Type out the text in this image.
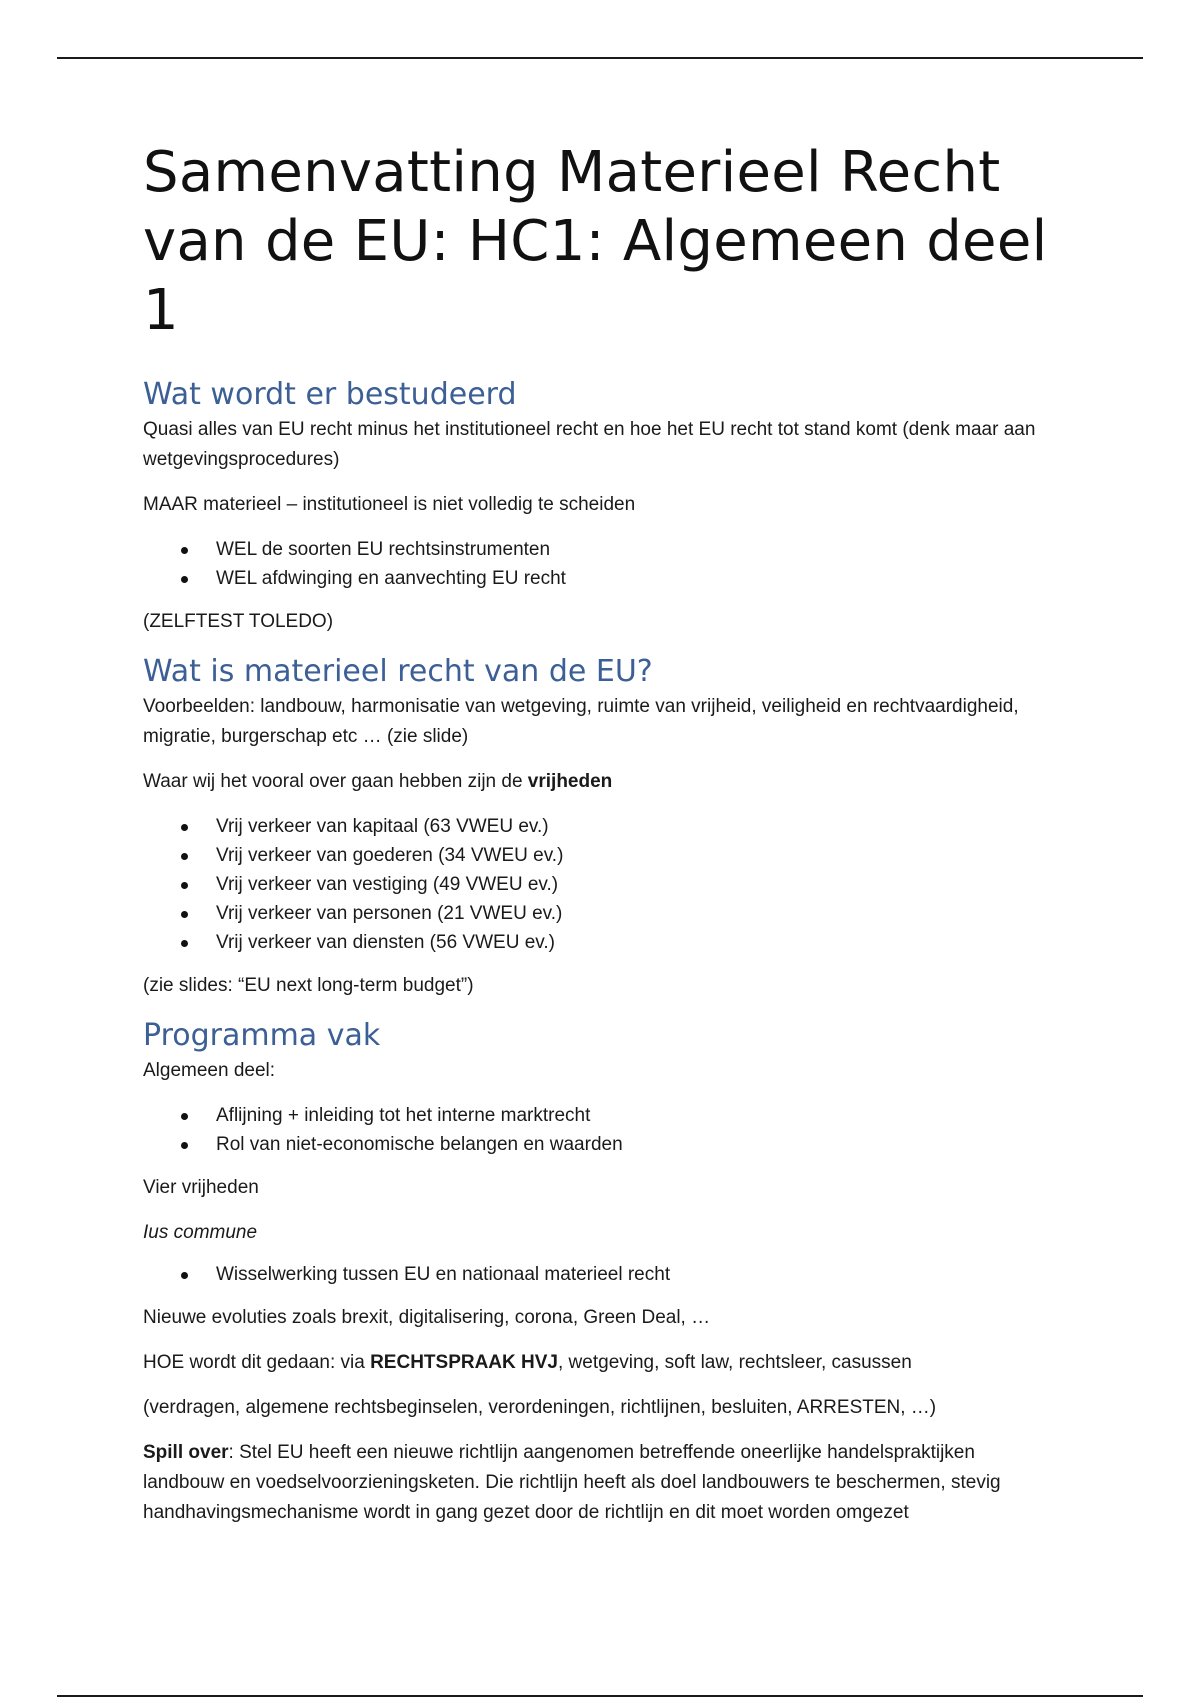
Samenvatting Materieel Recht van de EU: HC1: Algemeen deel 1
Wat wordt er bestudeerd

Quasi alles van EU recht minus het institutioneel recht en hoe het EU recht tot stand komt (denk maar aan wetgevingsprocedures)

MAAR materieel – institutioneel is niet volledig te scheiden

WEL de soorten EU rechtsinstrumenten
WEL afdwinging en aanvechting EU recht

(ZELFTEST TOLEDO)

Wat is materieel recht van de EU?

Voorbeelden: landbouw, harmonisatie van wetgeving, ruimte van vrijheid, veiligheid en rechtvaardigheid, migratie, burgerschap etc … (zie slide)

Waar wij het vooral over gaan hebben zijn de vrijheden

Vrij verkeer van kapitaal (63 VWEU ev.)
Vrij verkeer van goederen (34 VWEU ev.)
Vrij verkeer van vestiging (49 VWEU ev.)
Vrij verkeer van personen (21 VWEU ev.)
Vrij verkeer van diensten (56 VWEU ev.)

(zie slides: “EU next long-term budget”)

Programma vak

Algemeen deel:

Aflijning + inleiding tot het interne marktrecht
Rol van niet-economische belangen en waarden

Vier vrijheden

Ius commune

Wisselwerking tussen EU en nationaal materieel recht

Nieuwe evoluties zoals brexit, digitalisering, corona, Green Deal, …

HOE wordt dit gedaan: via RECHTSPRAAK HVJ, wetgeving, soft law, rechtsleer, casussen

(verdragen, algemene rechtsbeginselen, verordeningen, richtlijnen, besluiten, ARRESTEN, …)

Spill over: Stel EU heeft een nieuwe richtlijn aangenomen betreffende oneerlijke handelspraktijken landbouw en voedselvoorzieningsketen. Die richtlijn heeft als doel landbouwers te beschermen, stevig handhavingsmechanisme wordt in gang gezet door de richtlijn en dit moet worden omgezet
